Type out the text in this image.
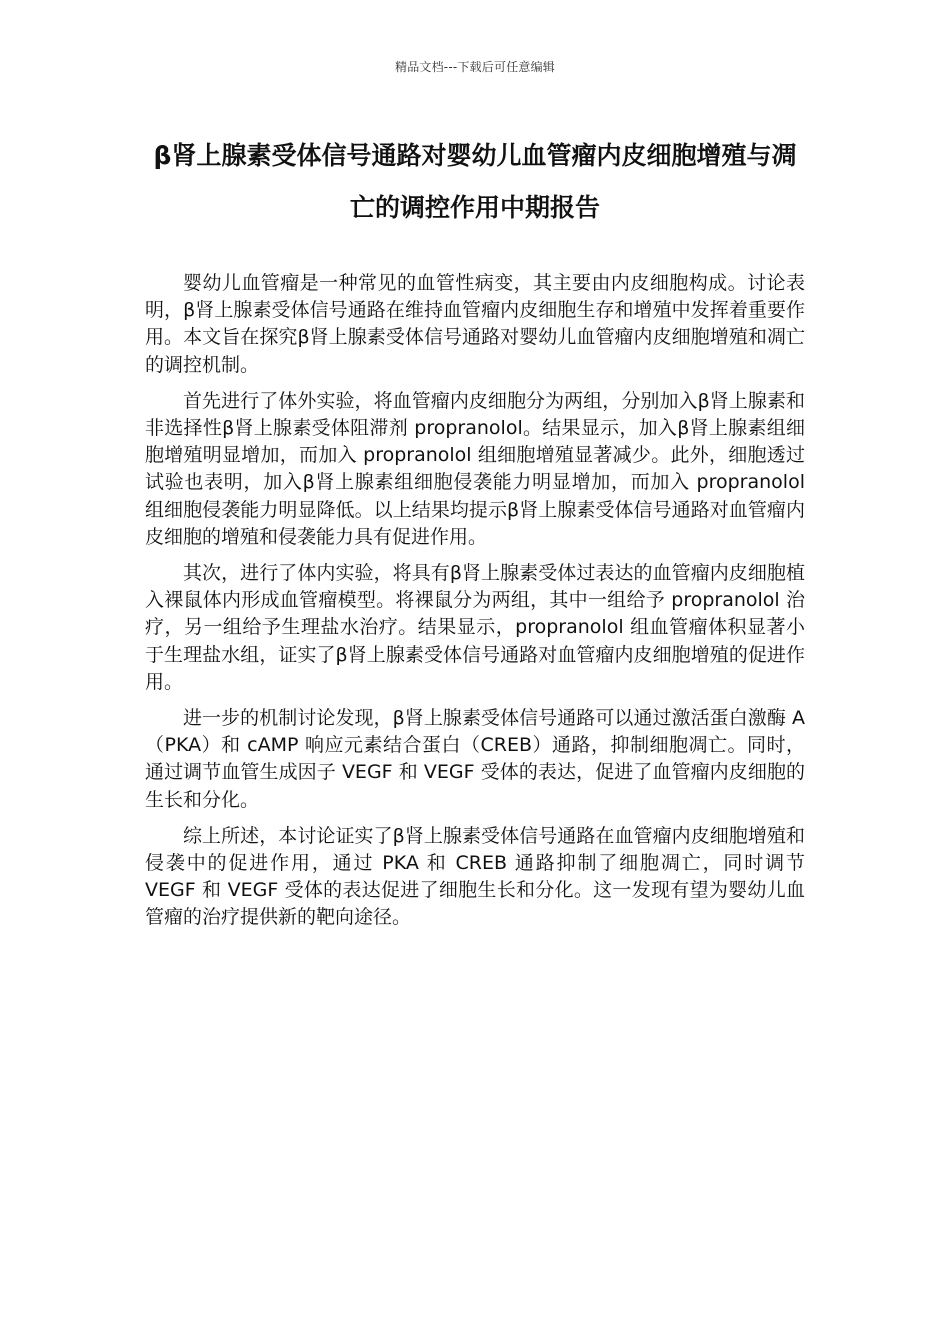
精品文档---下载后可任意编辑
β肾上腺素受体信号通路对婴幼儿血管瘤内皮细胞增殖与凋亡的调控作用中期报告

婴幼儿血管瘤是一种常见的血管性病变，其主要由内皮细胞构成。讨论表明，β肾上腺素受体信号通路在维持血管瘤内皮细胞生存和增殖中发挥着重要作用。本文旨在探究β肾上腺素受体信号通路对婴幼儿血管瘤内皮细胞增殖和凋亡的调控机制。

首先进行了体外实验，将血管瘤内皮细胞分为两组，分别加入β肾上腺素和非选择性β肾上腺素受体阻滞剂 propranolol。结果显示，加入β肾上腺素组细胞增殖明显增加，而加入 propranolol 组细胞增殖显著减少。此外，细胞透过试验也表明，加入β肾上腺素组细胞侵袭能力明显增加，而加入 propranolol 组细胞侵袭能力明显降低。以上结果均提示β肾上腺素受体信号通路对血管瘤内皮细胞的增殖和侵袭能力具有促进作用。

其次，进行了体内实验，将具有β肾上腺素受体过表达的血管瘤内皮细胞植入裸鼠体内形成血管瘤模型。将裸鼠分为两组，其中一组给予 propranolol 治疗，另一组给予生理盐水治疗。结果显示，propranolol 组血管瘤体积显著小于生理盐水组，证实了β肾上腺素受体信号通路对血管瘤内皮细胞增殖的促进作用。

进一步的机制讨论发现，β肾上腺素受体信号通路可以通过激活蛋白激酶 A（PKA）和 cAMP 响应元素结合蛋白（CREB）通路，抑制细胞凋亡。同时，通过调节血管生成因子 VEGF 和 VEGF 受体的表达，促进了血管瘤内皮细胞的生长和分化。

综上所述，本讨论证实了β肾上腺素受体信号通路在血管瘤内皮细胞增殖和侵袭中的促进作用，通过 PKA 和 CREB 通路抑制了细胞凋亡，同时调节 VEGF 和 VEGF 受体的表达促进了细胞生长和分化。这一发现有望为婴幼儿血管瘤的治疗提供新的靶向途径。
